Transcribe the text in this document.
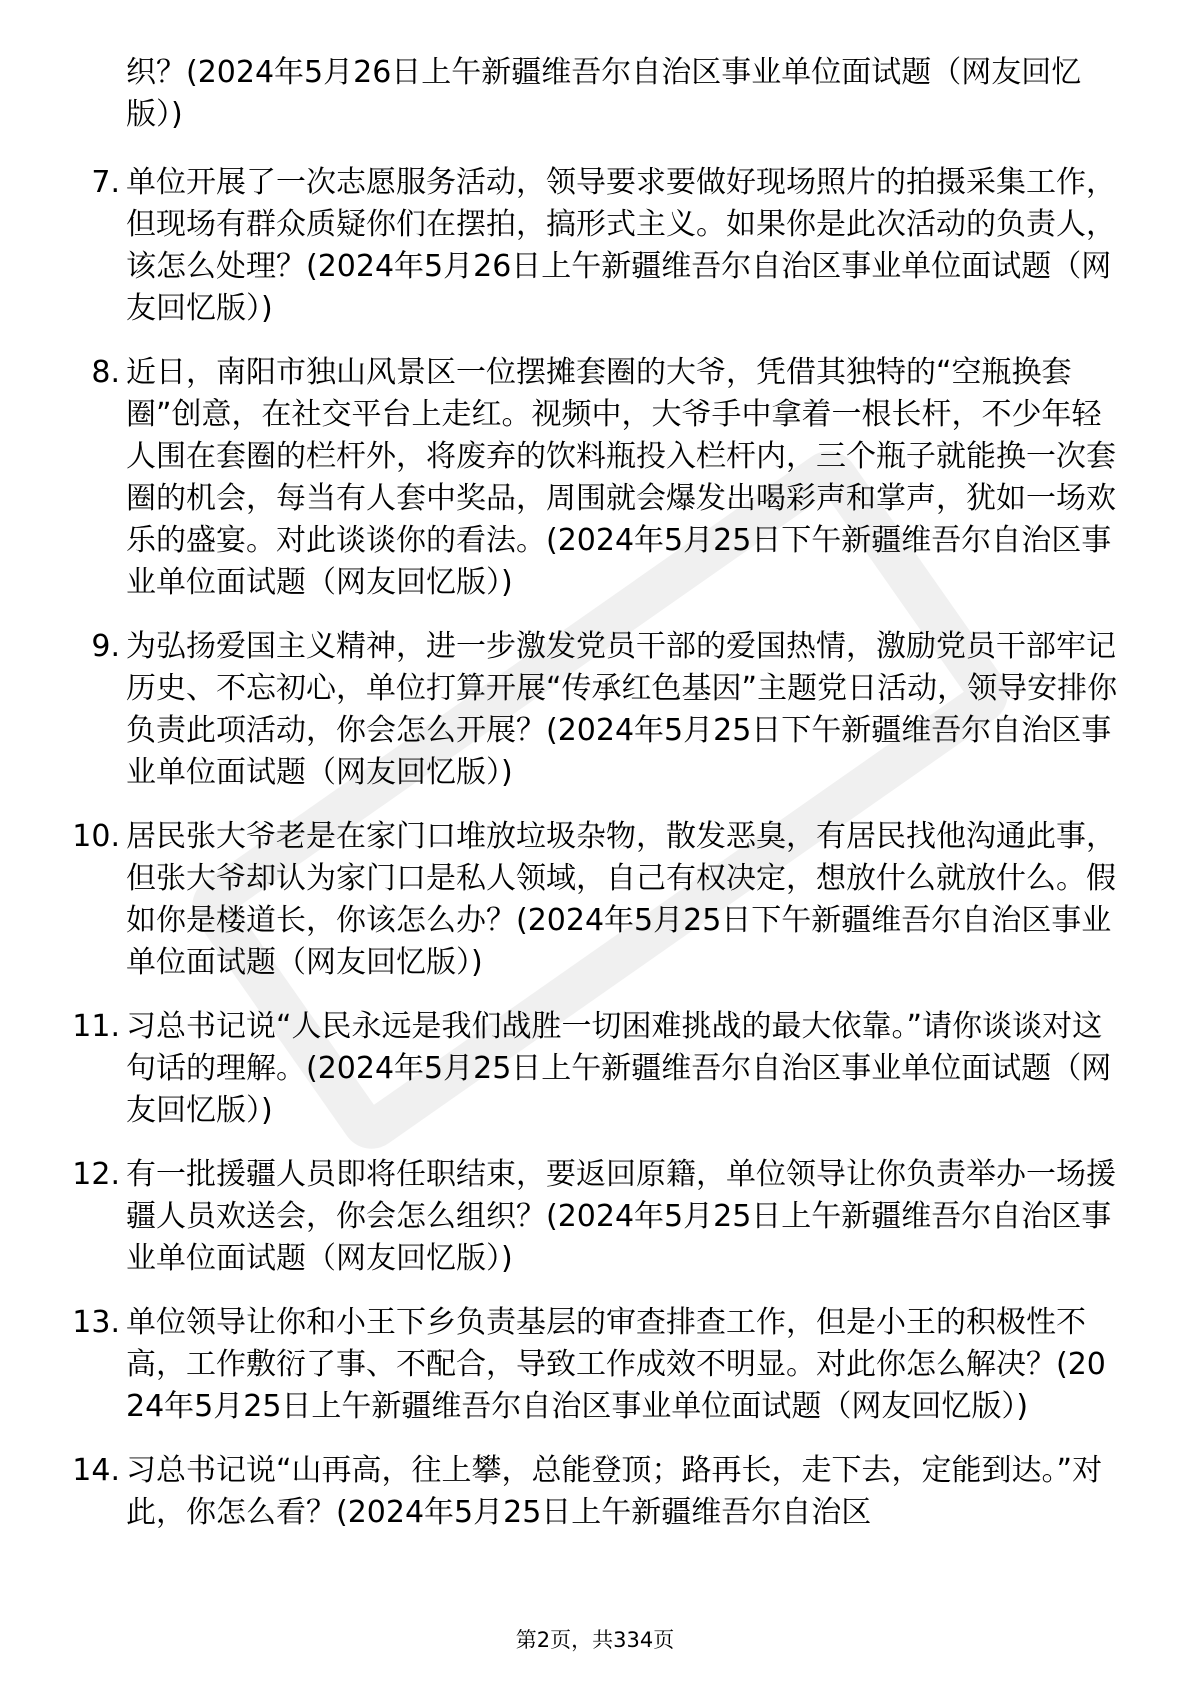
织？(2024年5月26日上午新疆维吾尔自治区事业单位面试题（网友回忆版）)
7. 单位开展了一次志愿服务活动，领导要求要做好现场照片的拍摄采集工作，但现场有群众质疑你们在摆拍，搞形式主义。如果你是此次活动的负责人，该怎么处理？(2024年5月26日上午新疆维吾尔自治区事业单位面试题（网友回忆版）)
8. 近日，南阳市独山风景区一位摆摊套圈的大爷，凭借其独特的“空瓶换套圈”创意，在社交平台上走红。视频中，大爷手中拿着一根长杆，不少年轻人围在套圈的栏杆外，将废弃的饮料瓶投入栏杆内，三个瓶子就能换一次套圈的机会，每当有人套中奖品，周围就会爆发出喝彩声和掌声，犹如一场欢乐的盛宴。对此谈谈你的看法。(2024年5月25日下午新疆维吾尔自治区事业单位面试题（网友回忆版）)
9. 为弘扬爱国主义精神，进一步激发党员干部的爱国热情，激励党员干部牢记历史、不忘初心，单位打算开展“传承红色基因”主题党日活动，领导安排你负责此项活动，你会怎么开展？(2024年5月25日下午新疆维吾尔自治区事业单位面试题（网友回忆版）)
10. 居民张大爷老是在家门口堆放垃圾杂物，散发恶臭，有居民找他沟通此事，但张大爷却认为家门口是私人领域，自己有权决定，想放什么就放什么。假如你是楼道长，你该怎么办？(2024年5月25日下午新疆维吾尔自治区事业单位面试题（网友回忆版）)
11. 习总书记说“人民永远是我们战胜一切困难挑战的最大依靠。”请你谈谈对这句话的理解。(2024年5月25日上午新疆维吾尔自治区事业单位面试题（网友回忆版）)
12. 有一批援疆人员即将任职结束，要返回原籍，单位领导让你负责举办一场援疆人员欢送会，你会怎么组织？(2024年5月25日上午新疆维吾尔自治区事业单位面试题（网友回忆版）)
13. 单位领导让你和小王下乡负责基层的审查排查工作，但是小王的积极性不高，工作敷衍了事、不配合，导致工作成效不明显。对此你怎么解决？(2024年5月25日上午新疆维吾尔自治区事业单位面试题（网友回忆版）)
14. 习总书记说“山再高，往上攀，总能登顶；路再长，走下去，定能到达。”对此，你怎么看？(2024年5月25日上午新疆维吾尔自治区
第2页，共334页
